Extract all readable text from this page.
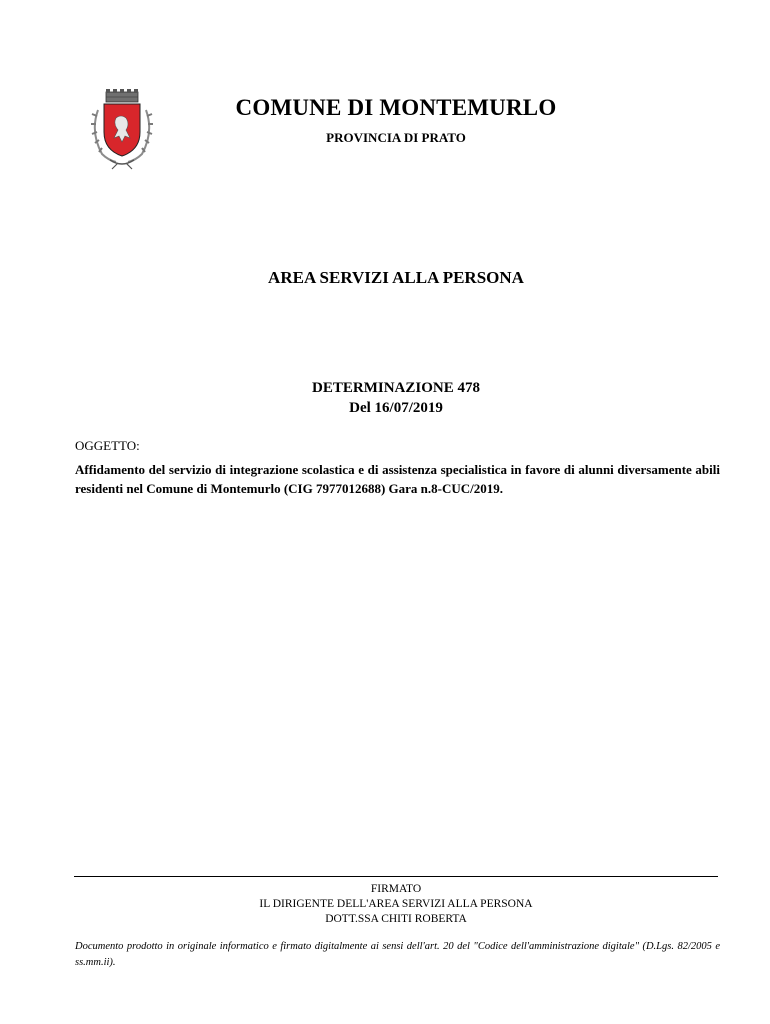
COMUNE DI MONTEMURLO
PROVINCIA DI PRATO
AREA SERVIZI ALLA PERSONA
DETERMINAZIONE 478
Del 16/07/2019
OGGETTO:
Affidamento del servizio di integrazione scolastica e di assistenza specialistica in favore di alunni diversamente abili residenti nel Comune di Montemurlo (CIG 7977012688) Gara n.8-CUC/2019.
FIRMATO
IL DIRIGENTE DELL'AREA SERVIZI ALLA PERSONA
DOTT.SSA CHITI ROBERTA
Documento prodotto in originale informatico e firmato digitalmente ai sensi dell'art. 20 del "Codice dell'amministrazione digitale" (D.Lgs. 82/2005 e ss.mm.ii).
